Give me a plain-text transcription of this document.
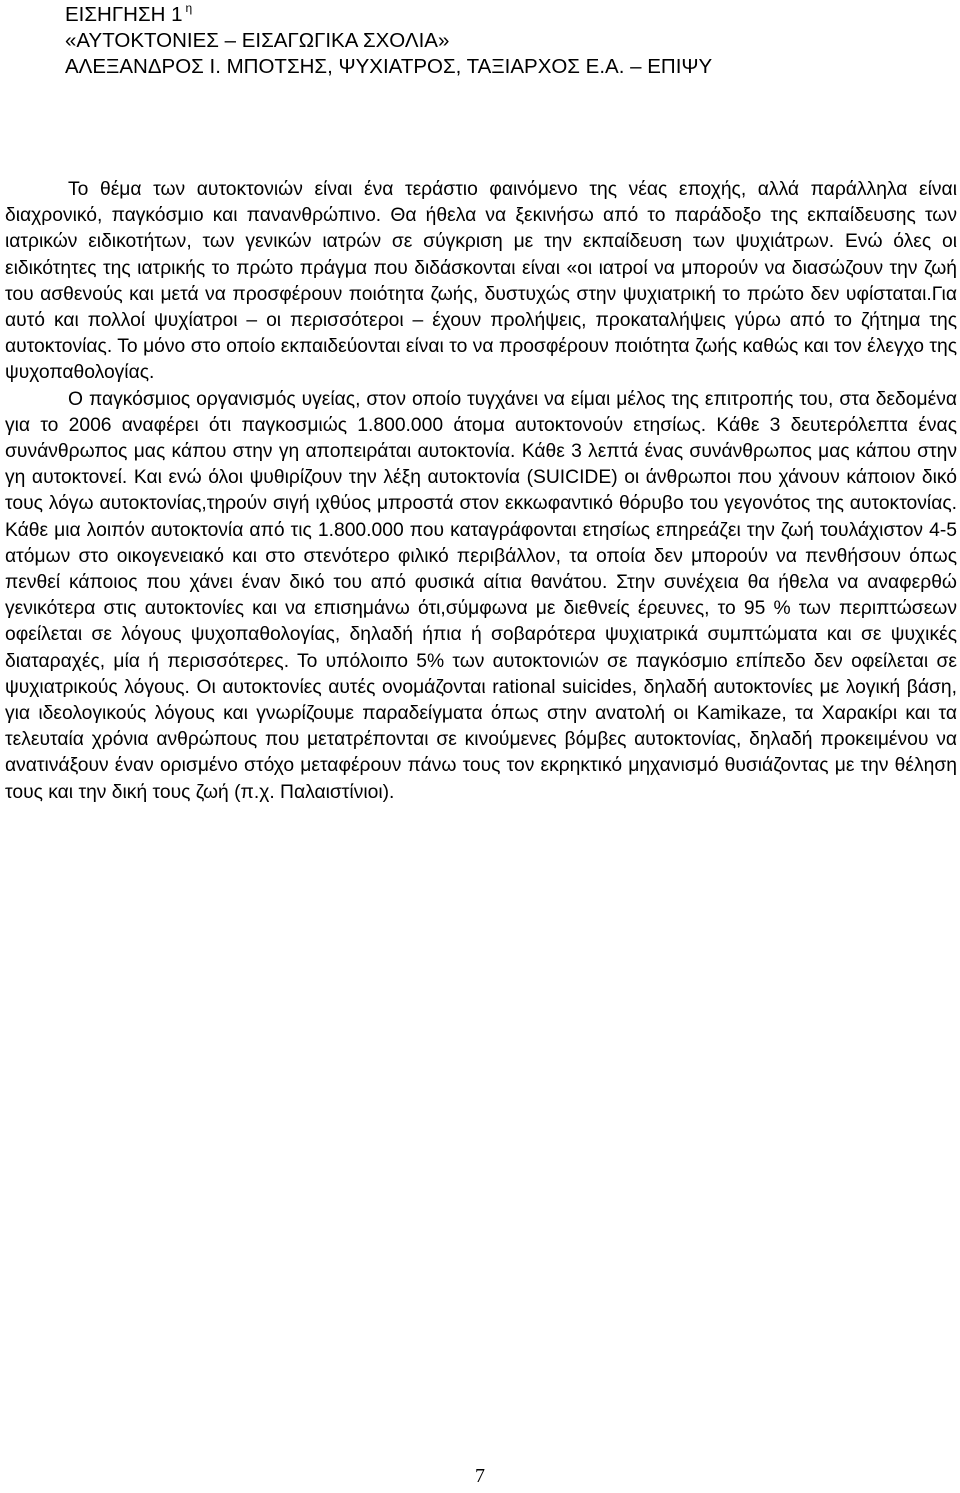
ΕΙΣΗΓΗΣΗ 1 $^\eta$
«ΑΥΤΟΚΤΟΝΙΕΣ – ΕΙΣΑΓΩΓΙΚΑ ΣΧΟΛΙΑ»
ΑΛΕΞΑΝΔΡΟΣ Ι. ΜΠΟΤΣΗΣ, ΨΥΧΙΑΤΡΟΣ, ΤΑΞΙΑΡΧΟΣ Ε.Α. – ΕΠΙΨΥ

Το θέμα των αυτοκτονιών είναι ένα τεράστιο φαινόμενο της νέας εποχής, αλλά παράλληλα είναι διαχρονικό, παγκόσμιο και πανανθρώπινο. Θα ήθελα να ξεκινήσω από το παράδοξο της εκπαίδευσης των ιατρικών ειδικοτήτων, των γενικών ιατρών σε σύγκριση με την εκπαίδευση των ψυχιάτρων. Ενώ όλες οι ειδικότητες της ιατρικής το πρώτο πράγμα που διδάσκονται είναι «οι ιατροί να μπορούν να διασώζουν την ζωή του ασθενούς και μετά να προσφέρουν ποιότητα ζωής, δυστυχώς στην ψυχιατρική το πρώτο δεν υφίσταται.Για αυτό και πολλοί ψυχίατροι – οι περισσότεροι – έχουν προλήψεις, προκαταλήψεις γύρω από το ζήτημα της αυτοκτονίας. Το μόνο στο οποίο εκπαιδεύονται είναι το να προσφέρουν ποιότητα ζωής καθώς και τον έλεγχο της ψυχοπαθολογίας.

Ο παγκόσμιος οργανισμός υγείας, στον οποίο τυγχάνει να είμαι μέλος της επιτροπής του, στα δεδομένα για το 2006 αναφέρει ότι παγκοσμιώς 1.800.000 άτομα αυτοκτονούν ετησίως. Κάθε 3 δευτερόλεπτα ένας συνάνθρωπος μας κάπου στην γη αποπειράται αυτοκτονία. Κάθε 3 λεπτά ένας συνάνθρωπος μας κάπου στην γη αυτοκτονεί. Και ενώ όλοι ψυθιρίζουν την λέξη αυτοκτονία (SUICIDE) οι άνθρωποι που χάνουν κάποιον δικό τους λόγω αυτοκτονίας,τηρούν σιγή ιχθύος μπροστά στον εκκωφαντικό θόρυβο του γεγονότος της αυτοκτονίας. Κάθε μια λοιπόν αυτοκτονία από τις 1.800.000 που καταγράφονται ετησίως επηρεάζει την ζωή τουλάχιστον 4-5 ατόμων στο οικογενειακό και στο στενότερο φιλικό περιβάλλον, τα οποία δεν μπορούν να πενθήσουν όπως πενθεί κάποιος που χάνει έναν δικό του από φυσικά αίτια θανάτου. Στην συνέχεια θα ήθελα να αναφερθώ γενικότερα στις αυτοκτονίες και να επισημάνω ότι,σύμφωνα με διεθνείς έρευνες, το 95 % των περιπτώσεων οφείλεται σε λόγους ψυχοπαθολογίας, δηλαδή ήπια ή σοβαρότερα ψυχιατρικά συμπτώματα και σε ψυχικές διαταραχές, μία ή περισσότερες. Το υπόλοιπο 5% των αυτοκτονιών σε παγκόσμιο επίπεδο δεν οφείλεται σε ψυχιατρικούς λόγους. Οι αυτοκτονίες αυτές ονομάζονται rational suicides, δηλαδή αυτοκτονίες με λογική βάση, για ιδεολογικούς λόγους και γνωρίζουμε παραδείγματα όπως στην ανατολή οι Kamikaze, τα Χαρακίρι και τα τελευταία χρόνια ανθρώπους που μετατρέπονται σε κινούμενες βόμβες αυτοκτονίας, δηλαδή προκειμένου να ανατινάξουν έναν ορισμένο στόχο μεταφέρουν πάνω τους τον εκρηκτικό μηχανισμό θυσιάζοντας με την θέληση τους και την δική τους ζωή (π.χ. Παλαιστίνιοι).

7
